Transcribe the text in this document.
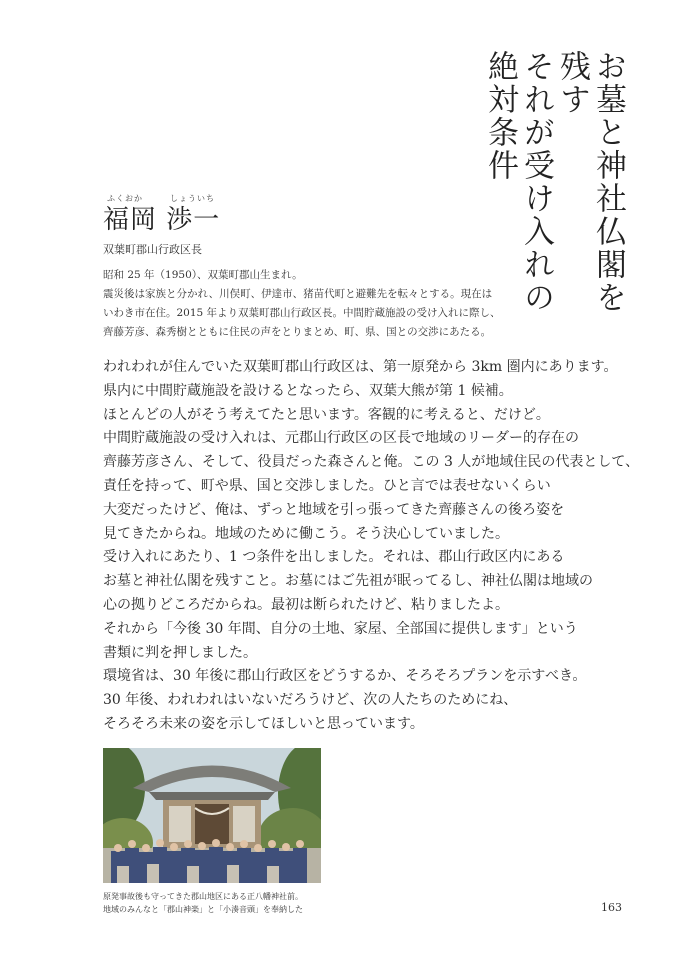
お墓と神社仏閣を残す
それが受け入れの
絶対条件
ふくおか	しょういち
福岡 渉一
双葉町郡山行政区長
昭和 25 年（1950）、双葉町郡山生まれ。
震災後は家族と分かれ、川俣町、伊達市、猪苗代町と避難先を転々とする。現在は
いわき市在住。2015 年より双葉町郡山行政区長。中間貯蔵施設の受け入れに際し、
齊藤芳彦、森秀樹とともに住民の声をとりまとめ、町、県、国との交渉にあたる。
われわれが住んでいた双葉町郡山行政区は、第一原発から 3km 圏内にあります。
県内に中間貯蔵施設を設けるとなったら、双葉大熊が第 1 候補。
ほとんどの人がそう考えてたと思います。客観的に考えると、だけど。
中間貯蔵施設の受け入れは、元郡山行政区の区長で地域のリーダー的存在の
齊藤芳彦さん、そして、役員だった森さんと俺。この 3 人が地域住民の代表として、
責任を持って、町や県、国と交渉しました。ひと言では表せないくらい
大変だったけど、俺は、ずっと地域を引っ張ってきた齊藤さんの後ろ姿を
見てきたからね。地域のために働こう。そう決心していました。
受け入れにあたり、1 つ条件を出しました。それは、郡山行政区内にある
お墓と神社仏閣を残すこと。お墓にはご先祖が眠ってるし、神社仏閣は地域の
心の拠りどころだからね。最初は断られたけど、粘りましたよ。
それから「今後 30 年間、自分の土地、家屋、全部国に提供します」という
書類に判を押しました。
環境省は、30 年後に郡山行政区をどうするか、そろそろプランを示すべき。
30 年後、われわれはいないだろうけど、次の人たちのためにね、
そろそろ未来の姿を示してほしいと思っています。
原発事故後も守ってきた郡山地区にある正八幡神社前。
地域のみんなと「郡山神楽」と「小湊音頭」を奉納した	163
